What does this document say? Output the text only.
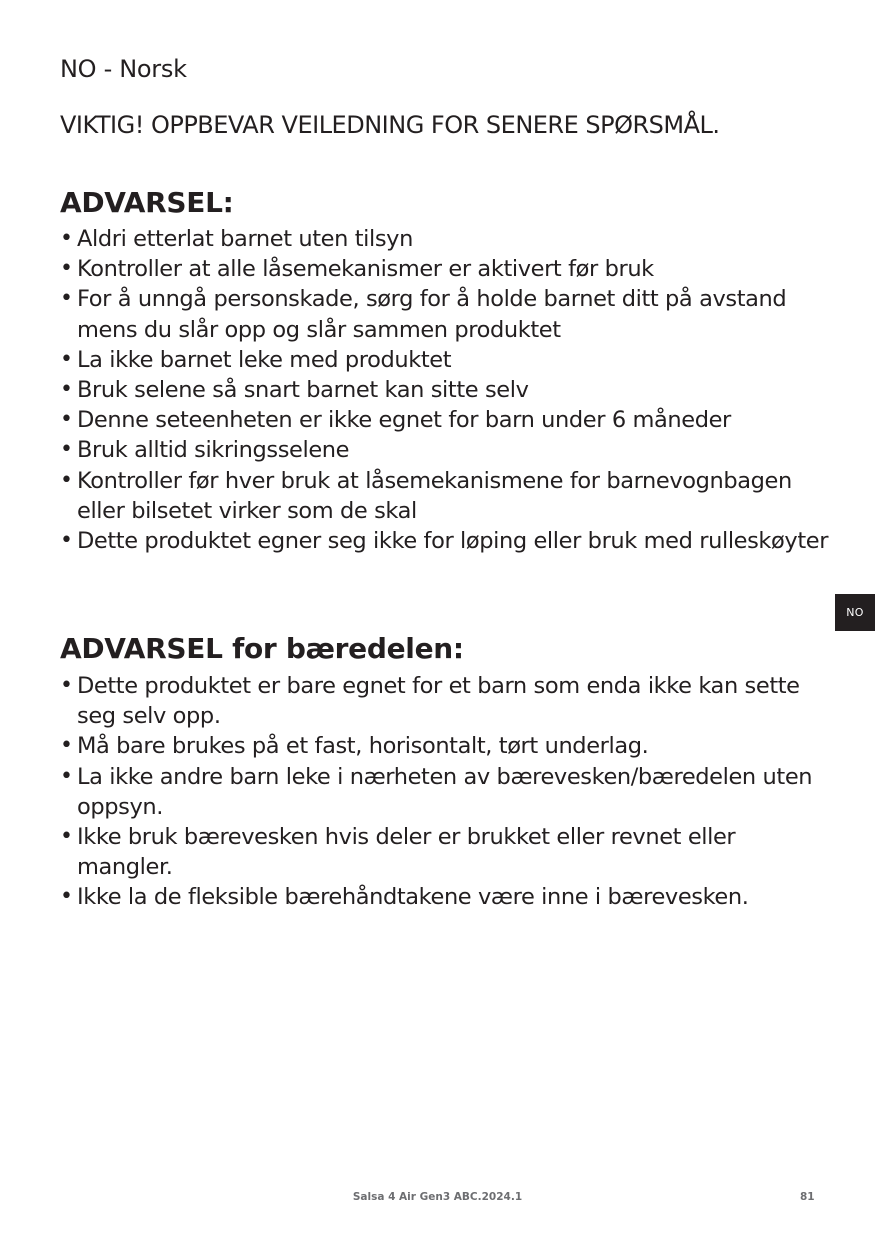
NO - Norsk

VIKTIG! OPPBEVAR VEILEDNING FOR SENERE SPØRSMÅL.

ADVARSEL:
• Aldri etterlat barnet uten tilsyn
• Kontroller at alle låsemekanismer er aktivert før bruk
• For å unngå personskade, sørg for å holde barnet ditt på avstand mens du slår opp og slår sammen produktet
• La ikke barnet leke med produktet
• Bruk selene så snart barnet kan sitte selv
• Denne seteenheten er ikke egnet for barn under 6 måneder
• Bruk alltid sikringsselene
• Kontroller før hver bruk at låsemekanismene for barnevognbagen eller bilsetet virker som de skal
• Dette produktet egner seg ikke for løping eller bruk med rulleskøyter
NO
ADVARSEL for bæredelen:
• Dette produktet er bare egnet for et barn som enda ikke kan sette seg selv opp.
• Må bare brukes på et fast, horisontalt, tørt underlag.
• La ikke andre barn leke i nærheten av bærevesken/bæredelen uten oppsyn.
• Ikke bruk bærevesken hvis deler er brukket eller revnet eller mangler.
• Ikke la de fleksible bærehåndtakene være inne i bærevesken.
Salsa 4 Air Gen3 ABC.2024.1	81
